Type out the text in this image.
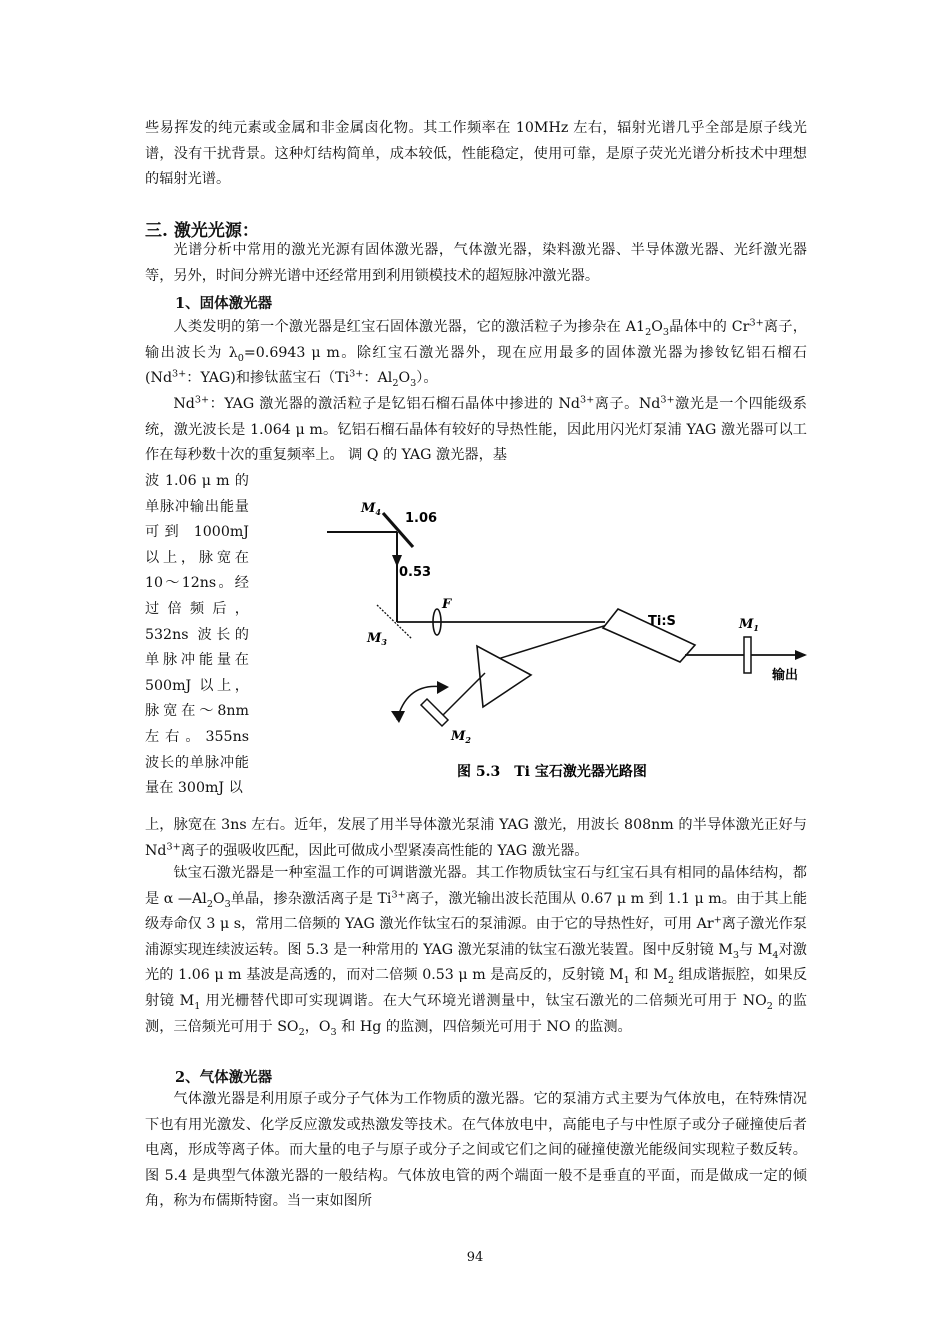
些易挥发的纯元素或金属和非金属卤化物。其工作频率在 10MHz 左右，辐射光谱几乎全部是原子线光谱，没有干扰背景。这种灯结构简单，成本较低，性能稳定，使用可靠，是原子荧光光谱分析技术中理想的辐射光谱。

三. 激光光源：

光谱分析中常用的激光光源有固体激光器，气体激光器，染料激光器、半导体激光器、光纤激光器等，另外，时间分辨光谱中还经常用到利用锁模技术的超短脉冲激光器。

1、固体激光器

人类发明的第一个激光器是红宝石固体激光器，它的激活粒子为掺杂在 $A1_2O_3$晶体中的 $Cr^{3+}$离子，输出波长为 $\lambda_0=0.6943$ μ m。除红宝石激光器外，现在应用最多的固体激光器为掺钕钇铝石榴石($Nd^{3+}$：YAG)和掺钛蓝宝石（$Ti^{3+}$：$Al_2O_3$）。

$Nd^{3+}$：YAG 激光器的激活粒子是钇铝石榴石晶体中掺进的 $Nd^{3+}$离子。$Nd^{3+}$激光是一个四能级系统，激光波长是 1.064 μ m。钇铝石榴石晶体有较好的导热性能，因此用闪光灯泵浦 YAG 激光器可以工作在每秒数十次的重复频率上。 调 Q 的 YAG 激光器，基

波 1.06 μ m 的单脉冲输出能量可到 1000mJ 以上，脉宽在 10～12ns。经过倍频后，532ns 波长的单脉冲能量在 500mJ 以上，脉宽在～8nm 左右。355ns 波长的单脉冲能量在 300mJ 以

$M_4$ 1.06
0.53
F
$M_3$
Ti:S	$M_1$
输出
$M_2$
图 5.3　Ti 宝石激光器光路图

上，脉宽在 3ns 左右。近年，发展了用半导体激光泵浦 YAG 激光，用波长 808nm 的半导体激光正好与 $Nd^{3+}$离子的强吸收匹配，因此可做成小型紧凑高性能的 YAG 激光器。

钛宝石激光器是一种室温工作的可调谐激光器。其工作物质钛宝石与红宝石具有相同的晶体结构，都是 α $—Al_2O_3$单晶，掺杂激活离子是 $Ti^{3+}$离子，激光输出波长范围从 0.67 μ m 到 1.1 μ m。由于其上能级寿命仅 3 μ s，常用二倍频的 YAG 激光作钛宝石的泵浦源。由于它的导热性好，可用 Ar+离子激光作泵浦源实现连续波运转。图 5.3 是一种常用的 YAG 激光泵浦的钛宝石激光装置。图中反射镜 $M_3$与 $M_4$对激光的 1.06 μ m 基波是高透的，而对二倍频 0.53 μ m 是高反的，反射镜 $M_1$ 和 $M_2$ 组成谐振腔，如果反射镜 $M_1$ 用光栅替代即可实现调谐。在大气环境光谱测量中，钛宝石激光的二倍频光可用于 $NO_2$ 的监测，三倍频光可用于 $SO_2$，$O_3$ 和 Hg 的监测，四倍频光可用于 NO 的监测。

2、气体激光器

气体激光器是利用原子或分子气体为工作物质的激光器。它的泵浦方式主要为气体放电，在特殊情况下也有用光激发、化学反应激发或热激发等技术。在气体放电中，高能电子与中性原子或分子碰撞使后者电离，形成等离子体。而大量的电子与原子或分子之间或它们之间的碰撞使激光能级间实现粒子数反转。图 5.4 是典型气体激光器的一般结构。气体放电管的两个端面一般不是垂直的平面，而是做成一定的倾角，称为布儒斯特窗。当一束如图所

94
